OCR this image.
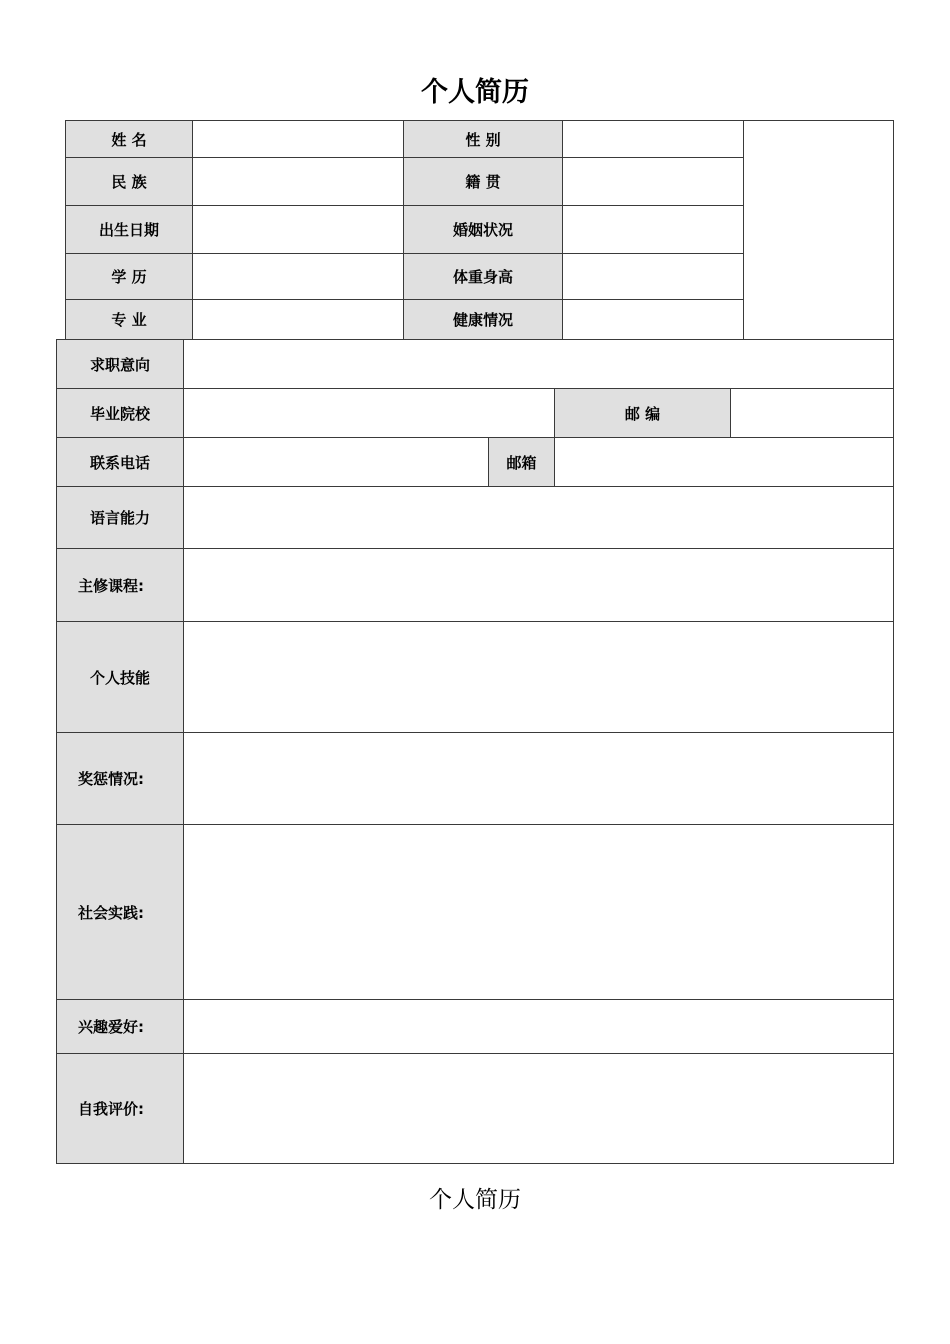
个人简历
姓 名	性 别
民 族	籍 贯
出生日期	婚姻状况
学 历	体重身高
专 业	健康情况
求职意向
毕业院校	邮 编
联系电话	邮箱
语言能力
主修课程:
个人技能
奖惩情况:
社会实践:
兴趣爱好:
自我评价:
个人简历
